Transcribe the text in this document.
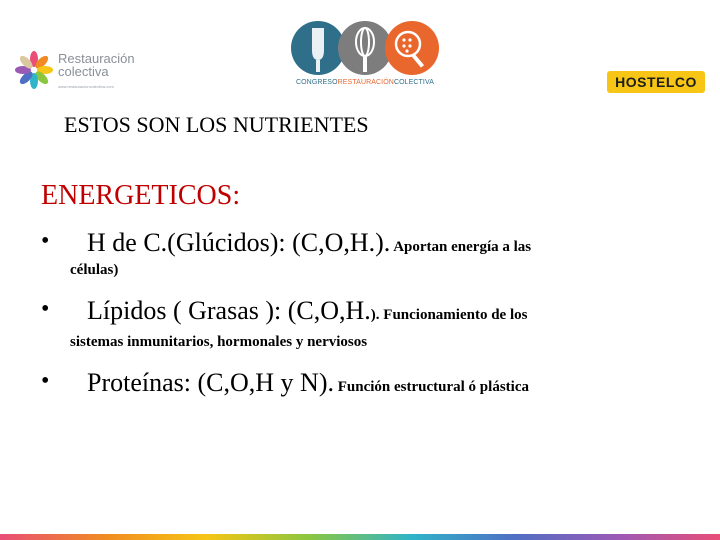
Restauración
colectiva
www.restauracioncolectiva.com
CONGRESORESTAURACIÓNCOLECTIVA	HOSTELCO
ESTOS SON LOS NUTRIENTES
ENERGETICOS:
• H de C.(Glúcidos): (C,O,H.). Aportan energía a las
células)
• Lípidos ( Grasas ): (C,O,H.). Funcionamiento de los
sistemas inmunitarios, hormonales y nerviosos
• Proteínas: (C,O,H y N). Función estructural ó plástica
